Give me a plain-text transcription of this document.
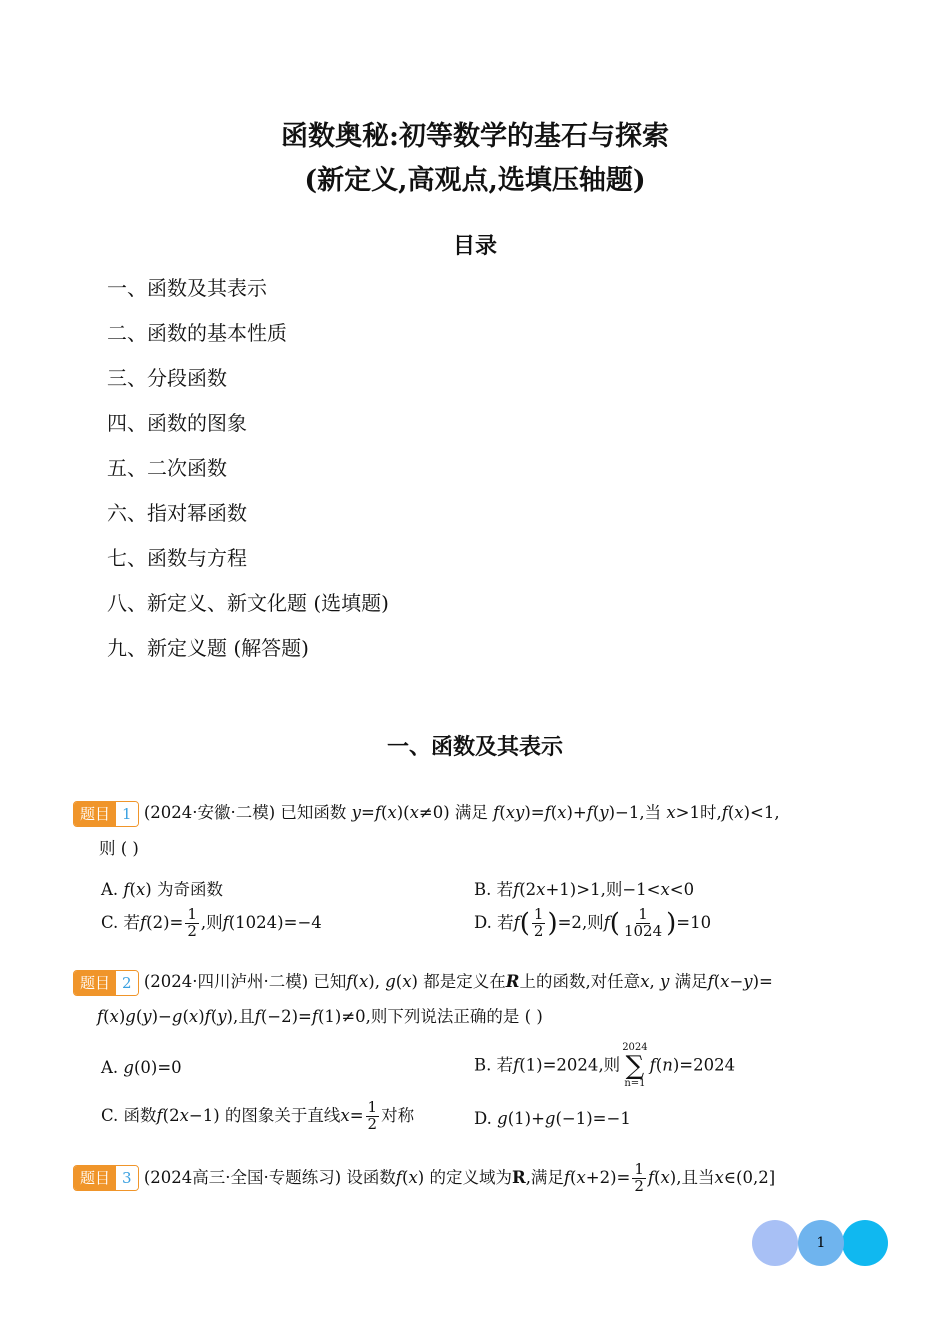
函数奥秘:初等数学的基石与探索
(新定义,高观点,选填压轴题)
目录
一、函数及其表示
二、函数的基本性质
三、分段函数
四、函数的图象
五、二次函数
六、指对幂函数
七、函数与方程
八、新定义、新文化题 (选填题)
九、新定义题 (解答题)
一、函数及其表示
题目 1 (2024·安徽·二模) 已知函数 y=f(x)(x≠0) 满足 f(xy)=f(x)+f(y)−1,当 x>1时,f(x)<1,
则 ( )
A. f(x) 为奇函数	B. 若f(2x+1)>1,则−1<x<0
C. 若$f(2)= \frac{1}{2}$ ,则f(1024)=−4	D. 若$f( \frac{1}{2} )=2$,则$f( \frac{1}{1024} )=10$
题目 2 (2024·四川泸州·二模) 已知f(x), g(x) 都是定义在R上的函数,对任意x, y 满足f(x−y)=
f(x)g(y)−g(x)f(y),且f(−2)=f(1)≠0,则下列说法正确的是 ( )
A. g(0)=0	B. 若f(1)=2024,则
2024
∑
n=1
f(n)=2024
C. 函数f(2x−1) 的图象关于直线$x= \frac{1}{2}$ 对称	D. g(1)+g(−1)=−1
题目 3 (2024高三·全国·专题练习) 设函数f(x) 的定义域为R,满足$f(x+2)= \frac{1}{2} f(x)$,且当x∈(0,2]
1
